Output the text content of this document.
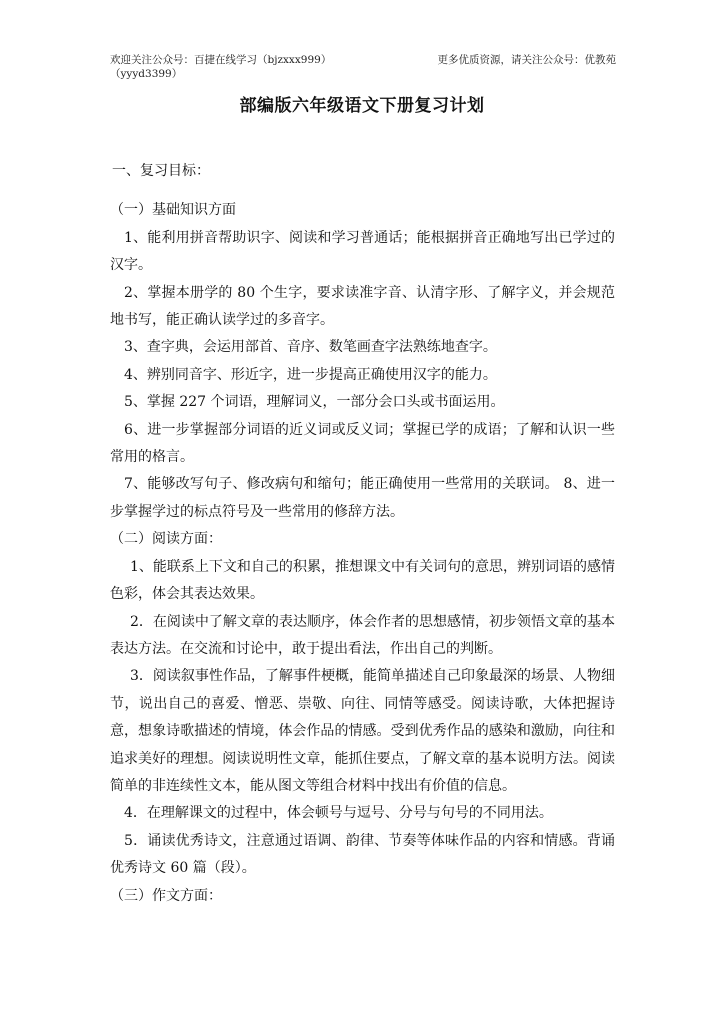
欢迎关注公众号：百捷在线学习（bjzxxx999）
（yyyd3399）
更多优质资源，请关注公众号：优教苑
部编版六年级语文下册复习计划

一、复习目标：

（一）基础知识方面

1、能利用拼音帮助识字、阅读和学习普通话；能根据拼音正确地写出已学过的汉字。

2、掌握本册学的 80 个生字，要求读准字音、认清字形、了解字义，并会规范地书写，能正确认读学过的多音字。

3、查字典，会运用部首、音序、数笔画查字法熟练地查字。

4、辨别同音字、形近字，进一步提高正确使用汉字的能力。

5、掌握 227 个词语，理解词义，一部分会口头或书面运用。

6、进一步掌握部分词语的近义词或反义词；掌握已学的成语；了解和认识一些常用的格言。

7、能够改写句子、修改病句和缩句；能正确使用一些常用的关联词。 8、进一步掌握学过的标点符号及一些常用的修辞方法。

（二）阅读方面：

1、能联系上下文和自己的积累，推想课文中有关词句的意思，辨别词语的感情色彩，体会其表达效果。

2．在阅读中了解文章的表达顺序，体会作者的思想感情，初步领悟文章的基本表达方法。在交流和讨论中，敢于提出看法，作出自己的判断。

3．阅读叙事性作品，了解事件梗概，能简单描述自己印象最深的场景、人物细节，说出自己的喜爱、憎恶、崇敬、向往、同情等感受。阅读诗歌，大体把握诗意，想象诗歌描述的情境，体会作品的情感。受到优秀作品的感染和激励，向往和追求美好的理想。阅读说明性文章，能抓住要点，了解文章的基本说明方法。阅读简单的非连续性文本，能从图文等组合材料中找出有价值的信息。

4．在理解课文的过程中，体会顿号与逗号、分号与句号的不同用法。

5．诵读优秀诗文，注意通过语调、韵律、节奏等体味作品的内容和情感。背诵优秀诗文 60 篇（段）。

（三）作文方面：
